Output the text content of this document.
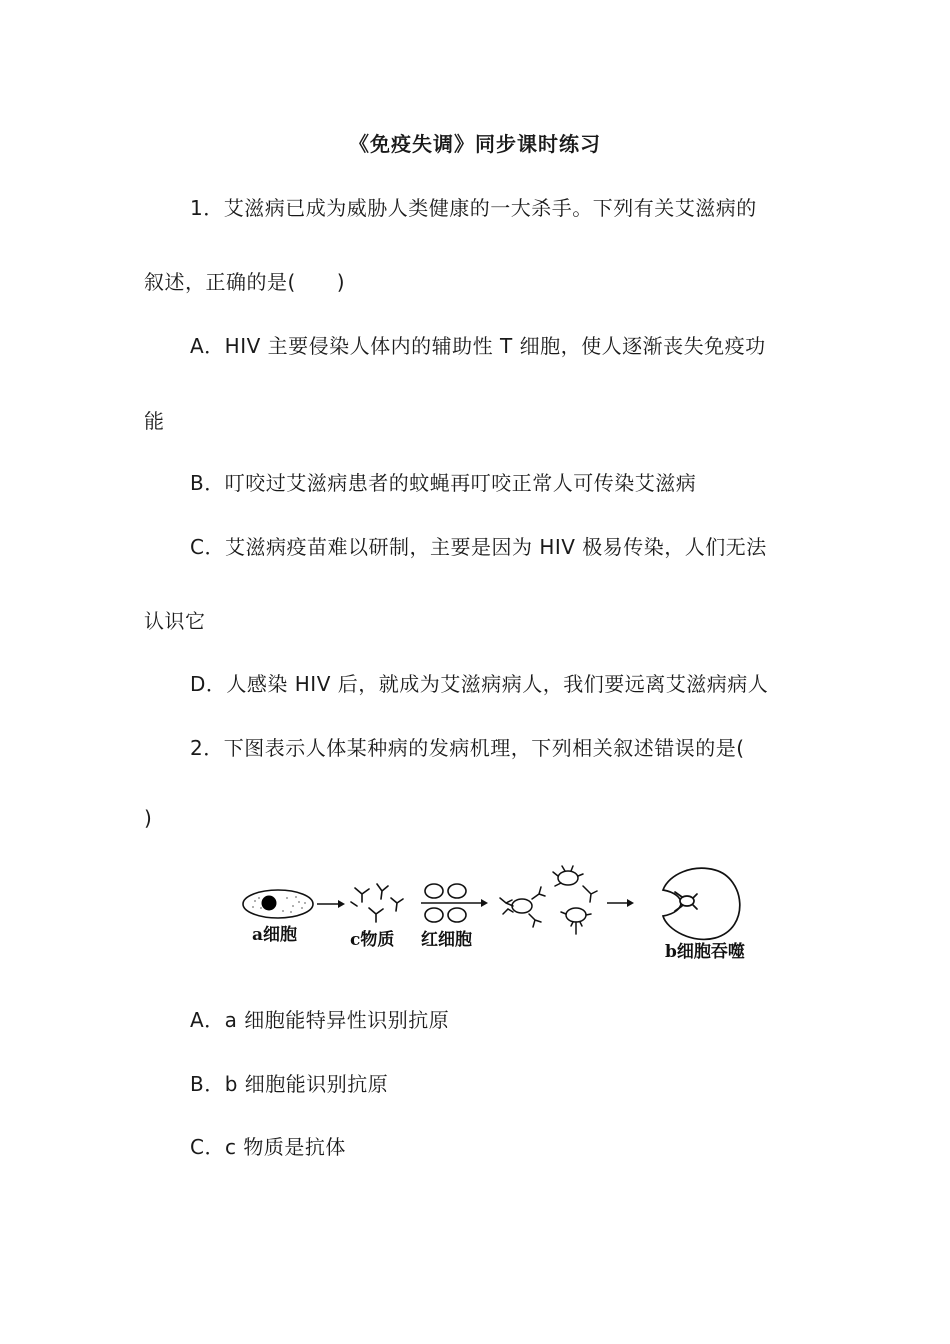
《免疫失调》同步课时练习
1．艾滋病已成为威胁人类健康的一大杀手。下列有关艾滋病的
叙述，正确的是(　　)
A．HIV 主要侵染人体内的辅助性 T 细胞，使人逐渐丧失免疫功
能
B．叮咬过艾滋病患者的蚊蝇再叮咬正常人可传染艾滋病
C．艾滋病疫苗难以研制，主要是因为 HIV 极易传染，人们无法
认识它
D．人感染 HIV 后，就成为艾滋病病人，我们要远离艾滋病病人
2．下图表示人体某种病的发病机理，下列相关叙述错误的是(
)
a细胞	c物质 红细胞
b细胞吞噬
A．a 细胞能特异性识别抗原
B．b 细胞能识别抗原
C．c 物质是抗体
